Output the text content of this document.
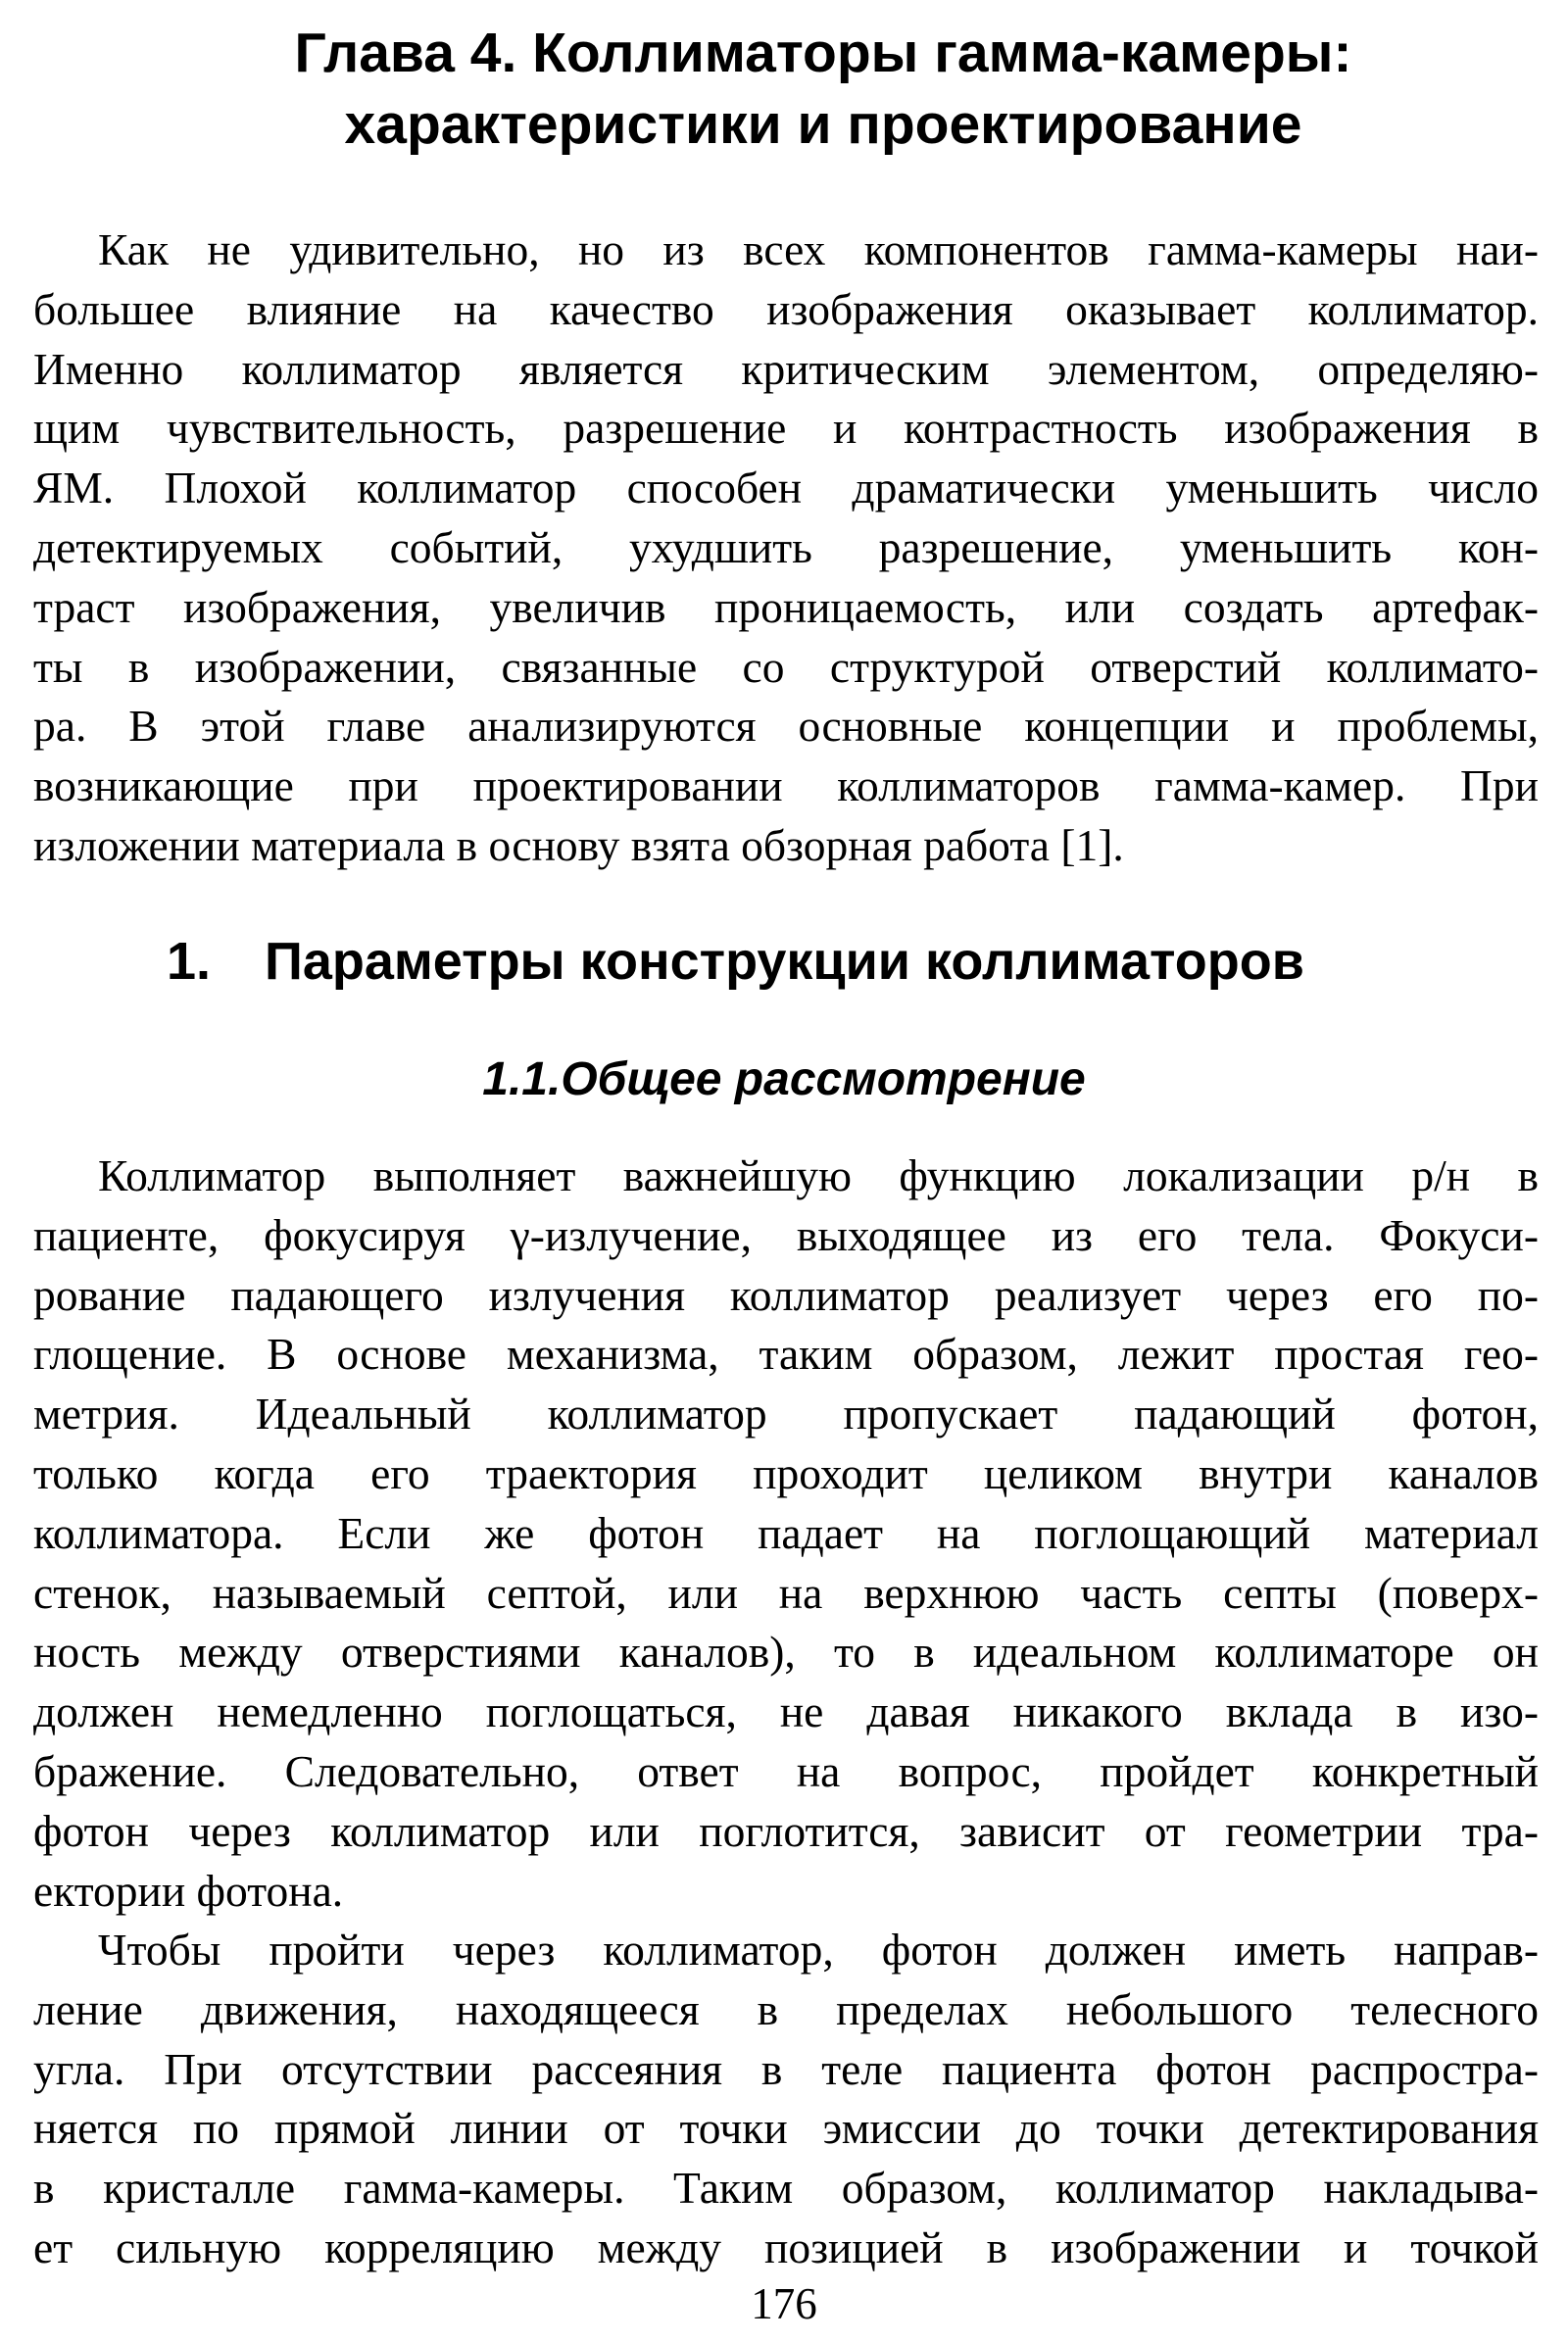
Глава 4. Коллиматоры гамма-камеры:
характеристики и проектирование

Как не удивительно, но из всех компонентов гамма-камеры наи-
большее влияние на качество изображения оказывает коллиматор.
Именно коллиматор является критическим элементом, определяю-
щим чувствительность, разрешение и контрастность изображения в
ЯМ. Плохой коллиматор способен драматически уменьшить число
детектируемых событий, ухудшить разрешение, уменьшить кон-
траст изображения, увеличив проницаемость, или создать артефак-
ты в изображении, связанные со структурой отверстий коллимато-
ра. В этой главе анализируются основные концепции и проблемы,
возникающие при проектировании коллиматоров гамма-камер. При
изложении материала в основу взята обзорная работа [1].

1. Параметры конструкции коллиматоров
1.1.Общее рассмотрение

Коллиматор выполняет важнейшую функцию локализации р/н в
пациенте, фокусируя γ-излучение, выходящее из его тела. Фокуси-
рование падающего излучения коллиматор реализует через его по-
глощение. В основе механизма, таким образом, лежит простая гео-
метрия. Идеальный коллиматор пропускает падающий фотон,
только когда его траектория проходит целиком внутри каналов
коллиматора. Если же фотон падает на поглощающий материал
стенок, называемый септой, или на верхнюю часть септы (поверх-
ность между отверстиями каналов), то в идеальном коллиматоре он
должен немедленно поглощаться, не давая никакого вклада в изо-
бражение. Следовательно, ответ на вопрос, пройдет конкретный
фотон через коллиматор или поглотится, зависит от геометрии тра-
ектории фотона.

Чтобы пройти через коллиматор, фотон должен иметь направ-
ление движения, находящееся в пределах небольшого телесного
угла. При отсутствии рассеяния в теле пациента фотон распростра-
няется по прямой линии от точки эмиссии до точки детектирования
в кристалле гамма-камеры. Таким образом, коллиматор накладыва-
ет сильную корреляцию между позицией в изображении и точкой

176
